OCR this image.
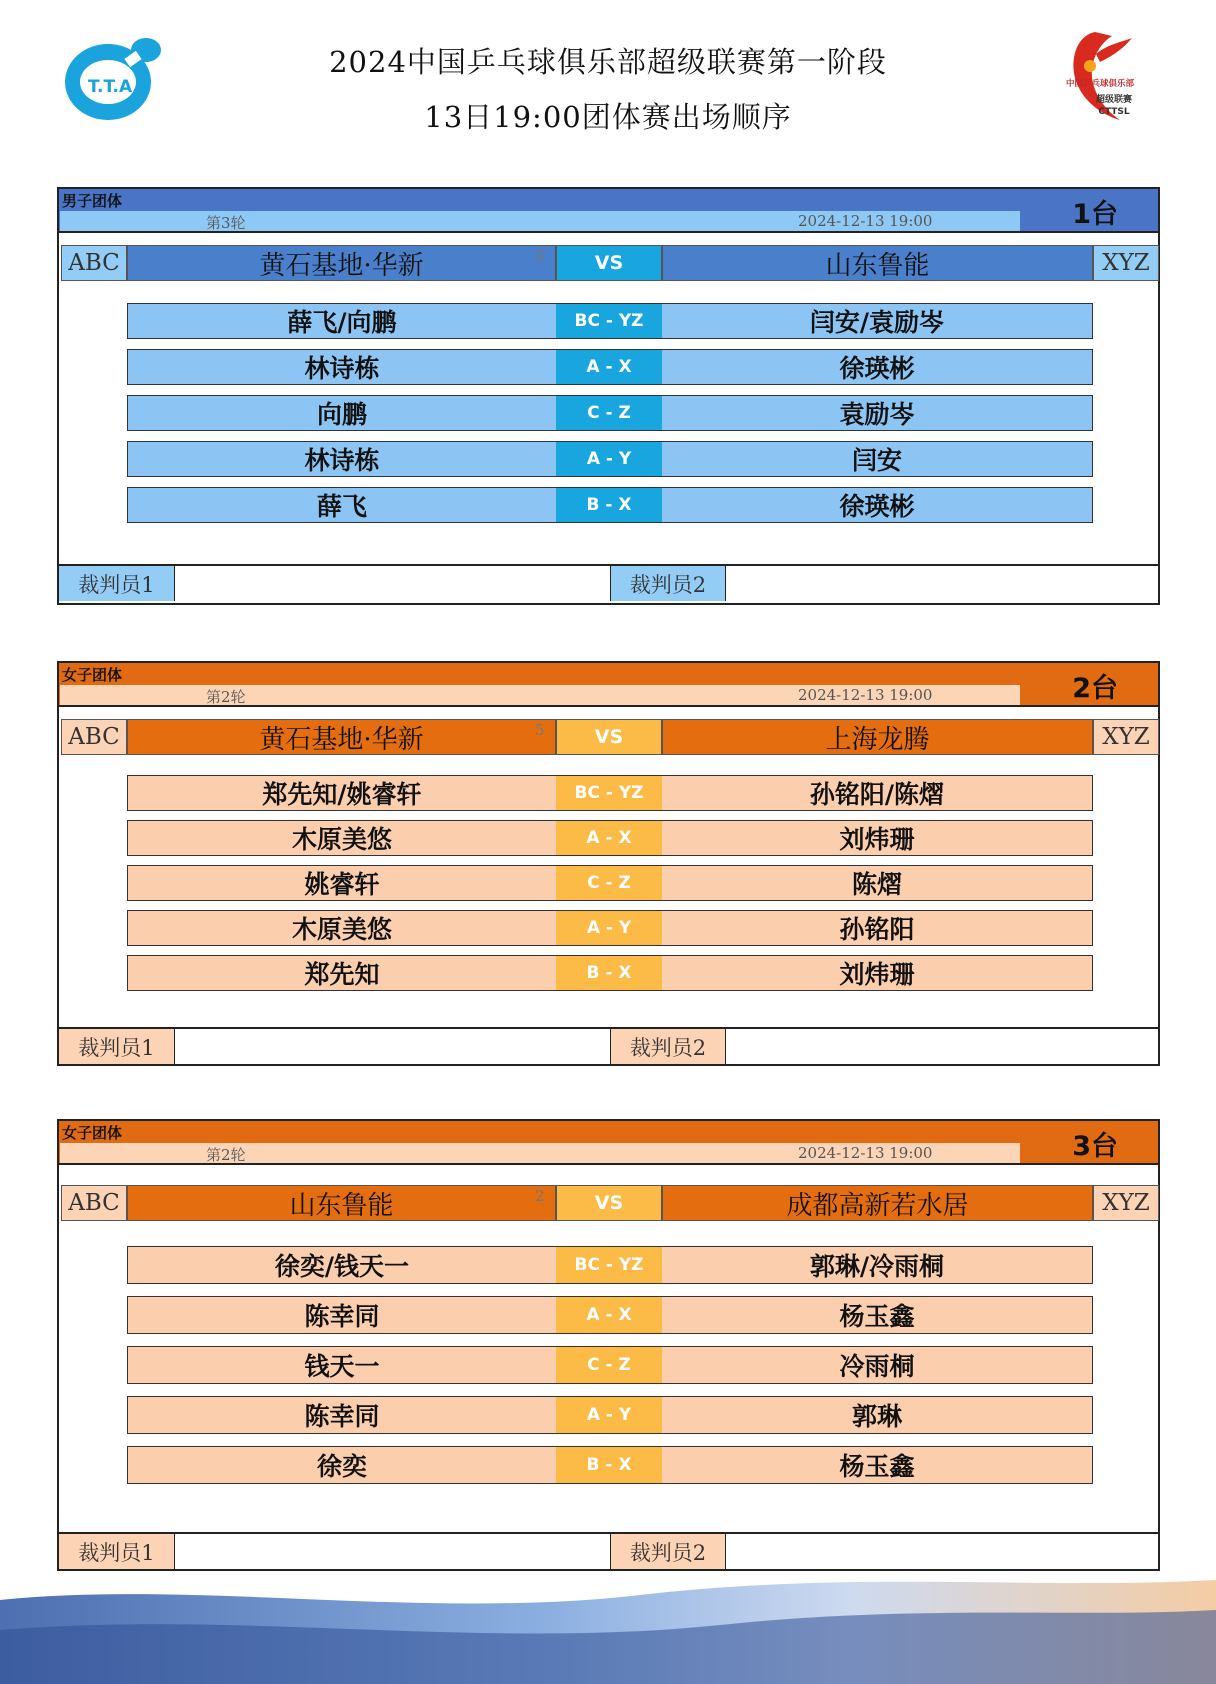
T.T.A.	中国乒乓球俱乐部
超级联赛
CTTSL
2024中国乒乓球俱乐部超级联赛第一阶段
13日19:00团体赛出场顺序
男子团体
第3轮	2024-12-13 19:00	1台
ABC	黄石基地·华新	5	VS	山东鲁能	XYZ
薛飞/向鹏	BC - YZ	闫安/袁励岑
林诗栋	A - X	徐瑛彬
向鹏	C - Z	袁励岑
林诗栋	A - Y	闫安
薛飞	B - X	徐瑛彬
裁判员1	裁判员2
女子团体
第2轮	2024-12-13 19:00	2台
ABC	黄石基地·华新	5	VS	上海龙腾	XYZ
郑先知/姚睿轩	BC - YZ	孙铭阳/陈熠
木原美悠	A - X	刘炜珊
姚睿轩	C - Z	陈熠
木原美悠	A - Y	孙铭阳
郑先知	B - X	刘炜珊
裁判员1	裁判员2
女子团体
第2轮	2024-12-13 19:00	3台
ABC	山东鲁能	2	VS	成都高新若水居	XYZ
徐奕/钱天一	BC - YZ	郭琳/冷雨桐
陈幸同	A - X	杨玉鑫
钱天一	C - Z	冷雨桐
陈幸同	A - Y	郭琳
徐奕	B - X	杨玉鑫
裁判员1	裁判员2
